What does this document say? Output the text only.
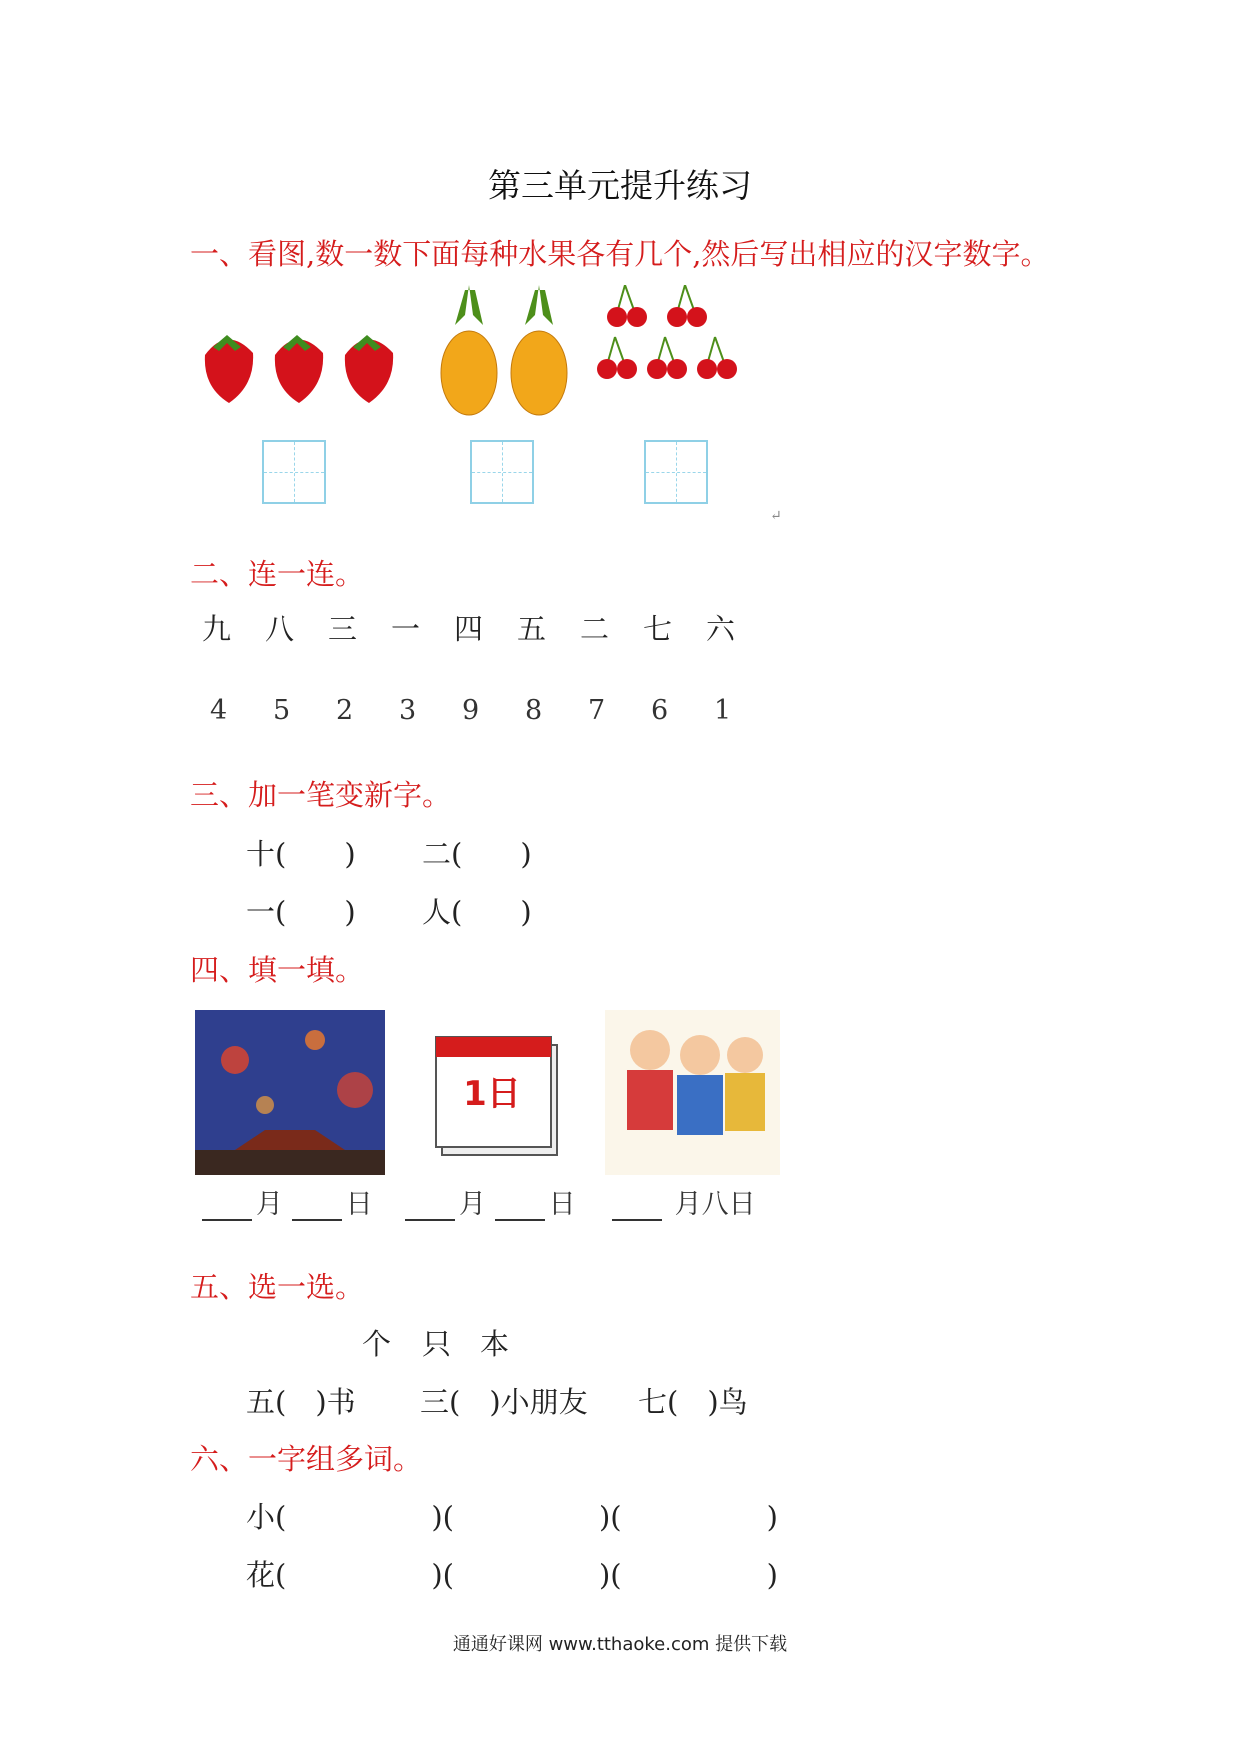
第三单元提升练习
一、看图,数一数下面每种水果各有几个,然后写出相应的汉字数字。
↵
二、连一连。
九 八 三 一 四 五 二 七 六
4 5 2 3 9 8 7 6 1
三、加一笔变新字。
十(　　) 二(　　)
一(　　) 人(　　)
四、填一填。
1日
月 日	月 日	月八日
五、选一选。
个 只 本
五(　)书 三(　)小朋友 七(　)鸟
六、一字组多词。
小(　　　　　)(　　　　　)(　　　　　)
花(　　　　　)(　　　　　)(　　　　　)
通通好课网 www.tthaoke.com 提供下载
